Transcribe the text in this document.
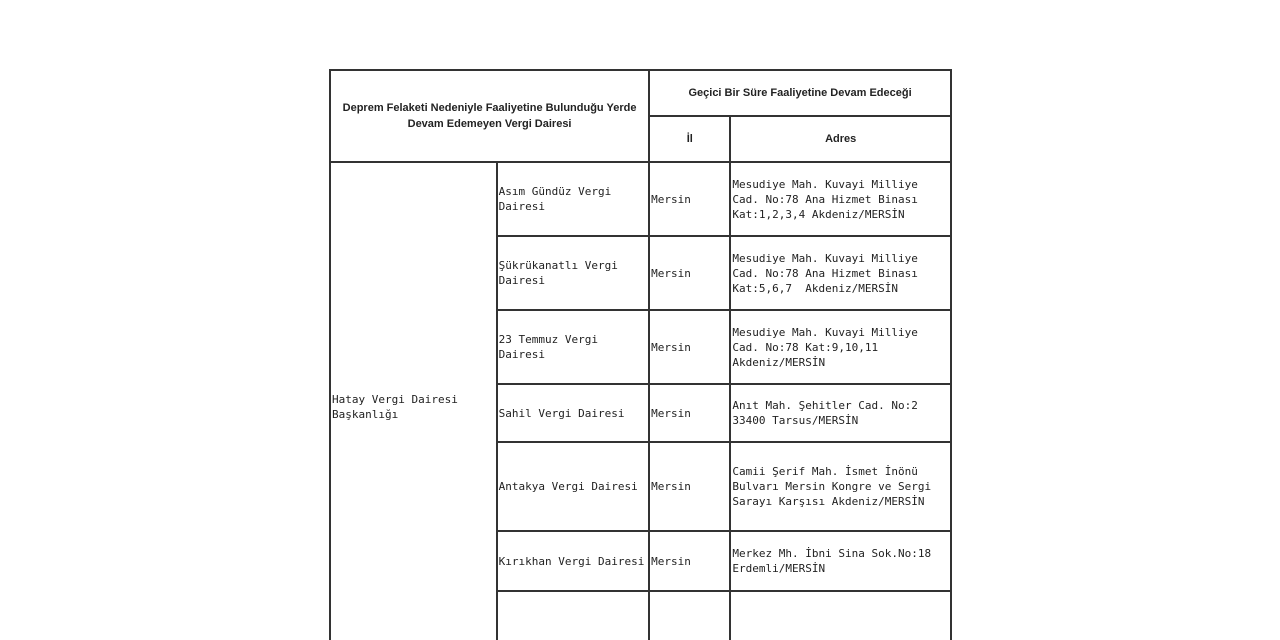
Deprem Felaketi Nedeniyle Faaliyetine Bulunduğu Yerde Devam Edemeyen Vergi Dairesi		Geçici Bir Süre Faaliyetine Devam Edeceği	
		İl	Adres
Hatay Vergi Dairesi Başkanlığı	Asım Gündüz Vergi Dairesi	Mersin	Mesudiye Mah. Kuvayi Milliye Cad. No:78 Ana Hizmet Binası Kat:1,2,3,4 Akdeniz/MERSİN
	Şükrükanatlı Vergi Dairesi	Mersin	Mesudiye Mah. Kuvayi Milliye Cad. No:78 Ana Hizmet Binası Kat:5,6,7  Akdeniz/MERSİN
	23 Temmuz Vergi Dairesi	Mersin	Mesudiye Mah. Kuvayi Milliye Cad. No:78 Kat:9,10,11 Akdeniz/MERSİN
	Sahil Vergi Dairesi	Mersin	Anıt Mah. Şehitler Cad. No:2 33400 Tarsus/MERSİN
	Antakya Vergi Dairesi	Mersin	Camii Şerif Mah. İsmet İnönü Bulvarı Mersin Kongre ve Sergi Sarayı Karşısı Akdeniz/MERSİN
	Kırıkhan Vergi Dairesi	Mersin	Merkez Mh. İbni Sina Sok.No:18 Erdemli/MERSİN
